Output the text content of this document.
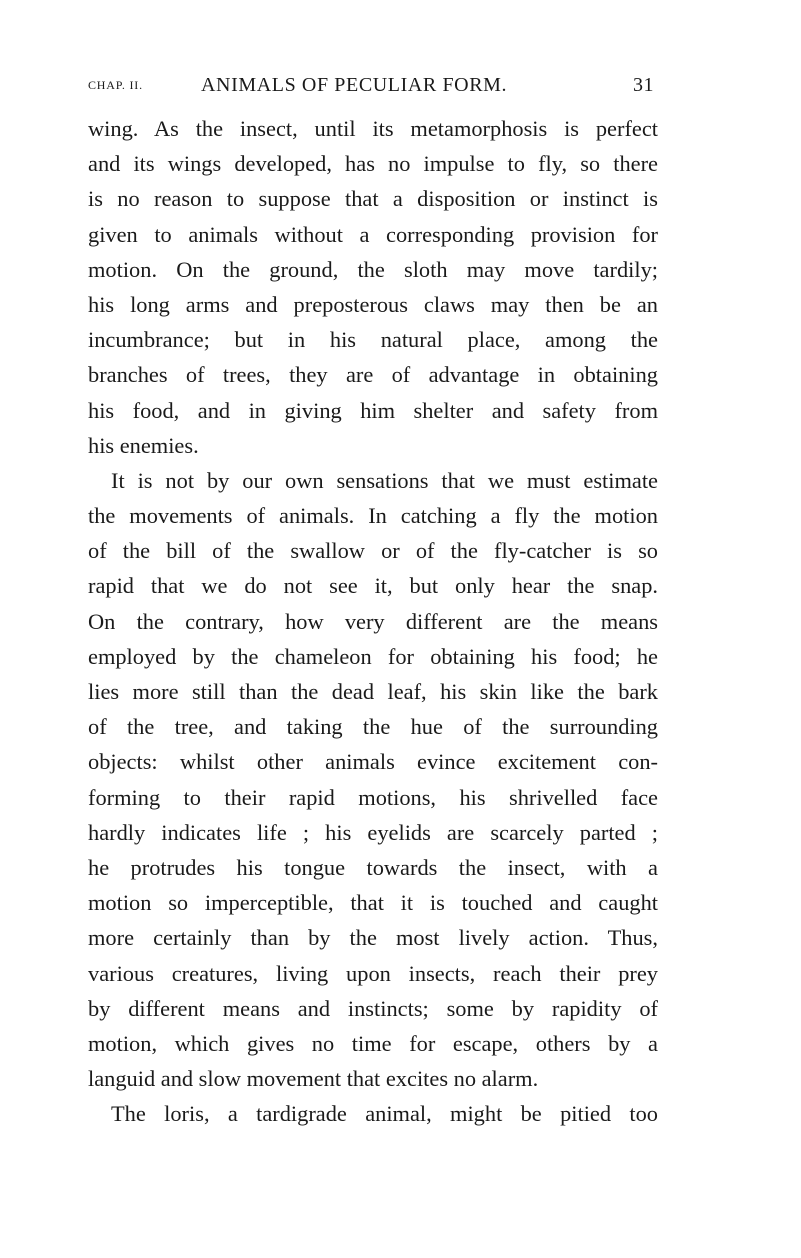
CHAP. II.	ANIMALS OF PECULIAR FORM.	31
wing. As the insect, until its metamorphosis is perfect
and its wings developed, has no impulse to fly, so there
is no reason to suppose that a disposition or instinct is
given to animals without a corresponding provision for
motion. On the ground, the sloth may move tardily;
his long arms and preposterous claws may then be an
incumbrance; but in his natural place, among the
branches of trees, they are of advantage in obtaining
his food, and in giving him shelter and safety from
his enemies.
It is not by our own sensations that we must estimate
the movements of animals. In catching a fly the motion
of the bill of the swallow or of the fly-catcher is so
rapid that we do not see it, but only hear the snap.
On the contrary, how very different are the means
employed by the chameleon for obtaining his food; he
lies more still than the dead leaf, his skin like the bark
of the tree, and taking the hue of the surrounding
objects: whilst other animals evince excitement con-
forming to their rapid motions, his shrivelled face
hardly indicates life ; his eyelids are scarcely parted ;
he protrudes his tongue towards the insect, with a
motion so imperceptible, that it is touched and caught
more certainly than by the most lively action. Thus,
various creatures, living upon insects, reach their prey
by different means and instincts; some by rapidity of
motion, which gives no time for escape, others by a
languid and slow movement that excites no alarm.
The loris, a tardigrade animal, might be pitied too
